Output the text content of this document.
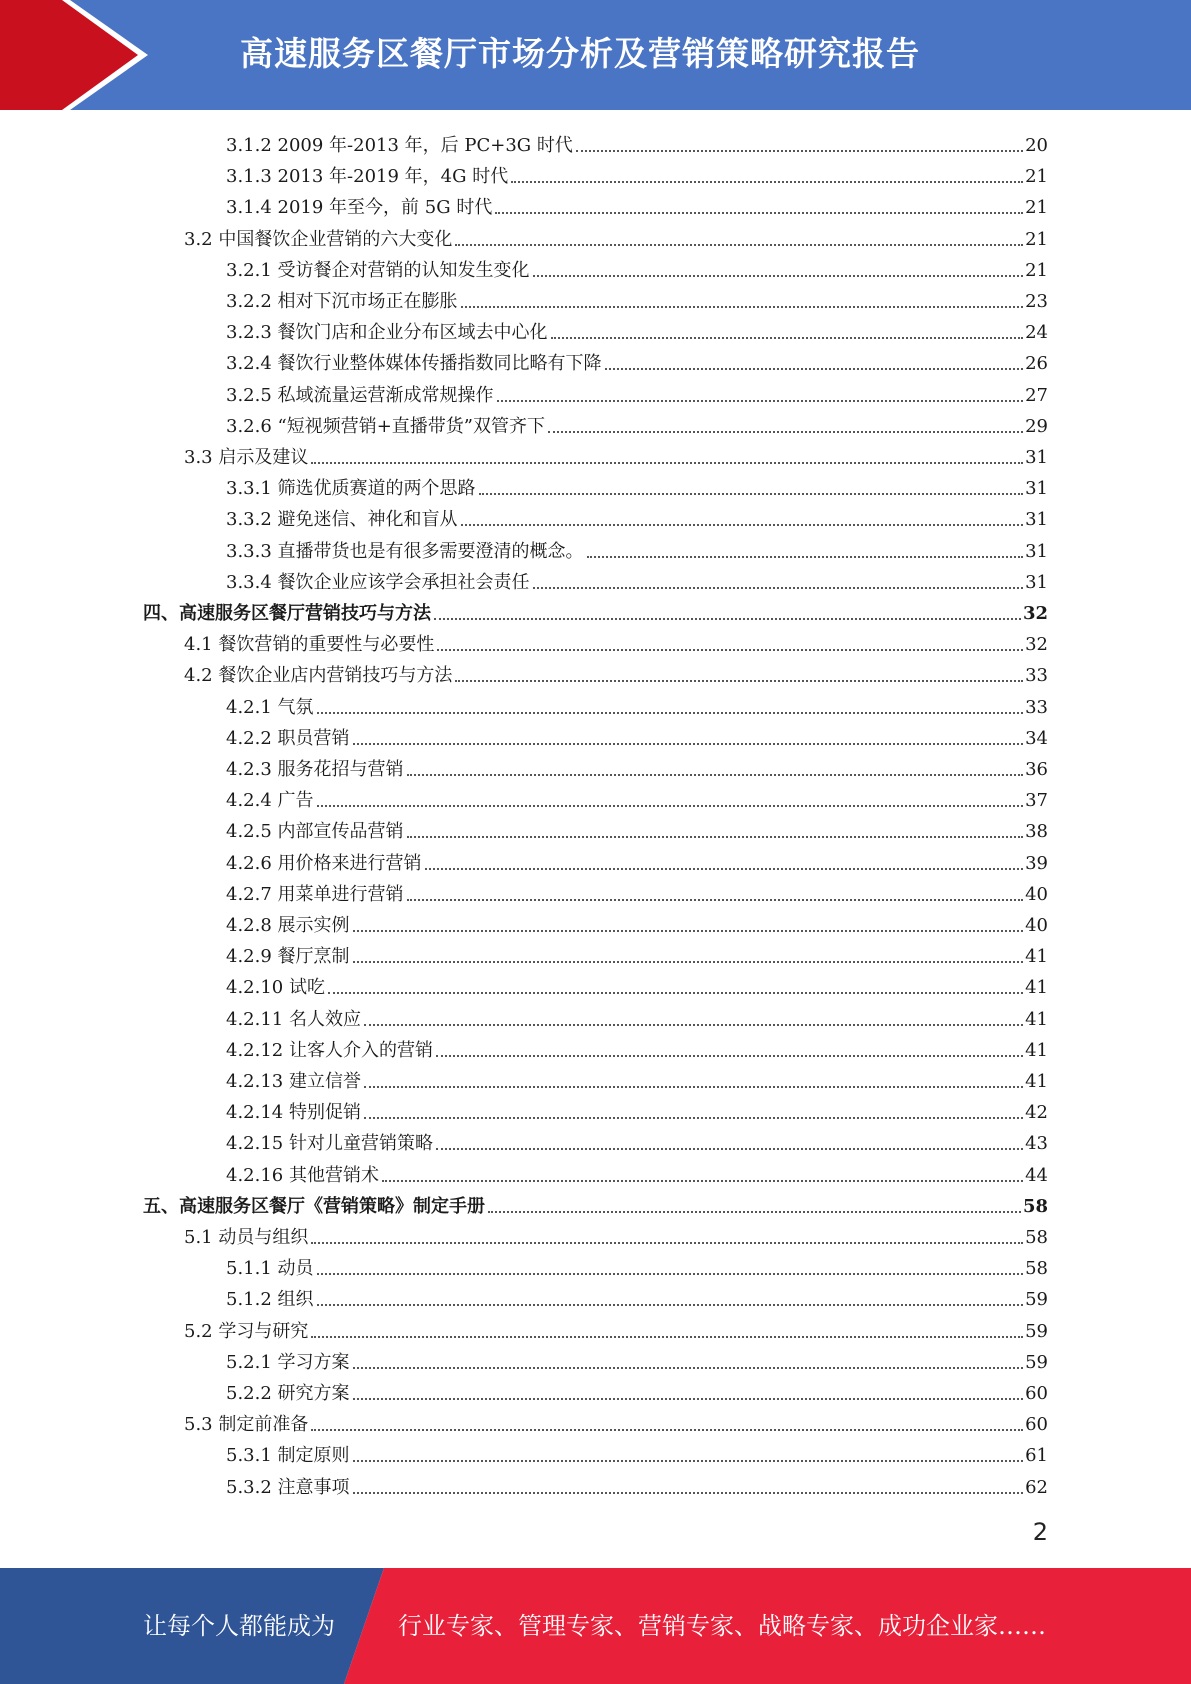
高速服务区餐厅市场分析及营销策略研究报告
3.1.2 2009 年-2013 年，后 PC+3G 时代	20
3.1.3 2013 年-2019 年，4G 时代	21
3.1.4 2019 年至今，前 5G 时代	21
3.2 中国餐饮企业营销的六大变化	21
3.2.1 受访餐企对营销的认知发生变化	21
3.2.2 相对下沉市场正在膨胀	23
3.2.3 餐饮门店和企业分布区域去中心化	24
3.2.4 餐饮行业整体媒体传播指数同比略有下降	26
3.2.5 私域流量运营渐成常规操作	27
3.2.6 “短视频营销+直播带货”双管齐下	29
3.3 启示及建议	31
3.3.1 筛选优质赛道的两个思路	31
3.3.2 避免迷信、神化和盲从	31
3.3.3 直播带货也是有很多需要澄清的概念。	31
3.3.4 餐饮企业应该学会承担社会责任	31
四、高速服务区餐厅营销技巧与方法	32
4.1 餐饮营销的重要性与必要性	32
4.2 餐饮企业店内营销技巧与方法	33
4.2.1 气氛	33
4.2.2 职员营销	34
4.2.3 服务花招与营销	36
4.2.4 广告	37
4.2.5 内部宣传品营销	38
4.2.6 用价格来进行营销	39
4.2.7 用菜单进行营销	40
4.2.8 展示实例	40
4.2.9 餐厅烹制	41
4.2.10 试吃	41
4.2.11 名人效应	41
4.2.12 让客人介入的营销	41
4.2.13 建立信誉	41
4.2.14 特别促销	42
4.2.15 针对儿童营销策略	43
4.2.16 其他营销术	44
五、高速服务区餐厅《营销策略》制定手册	58
5.1 动员与组织	58
5.1.1 动员	58
5.1.2 组织	59
5.2 学习与研究	59
5.2.1 学习方案	59
5.2.2 研究方案	60
5.3 制定前准备	60
5.3.1 制定原则	61
5.3.2 注意事项	62
2
让每个人都能成为	行业专家、管理专家、营销专家、战略专家、成功企业家……
